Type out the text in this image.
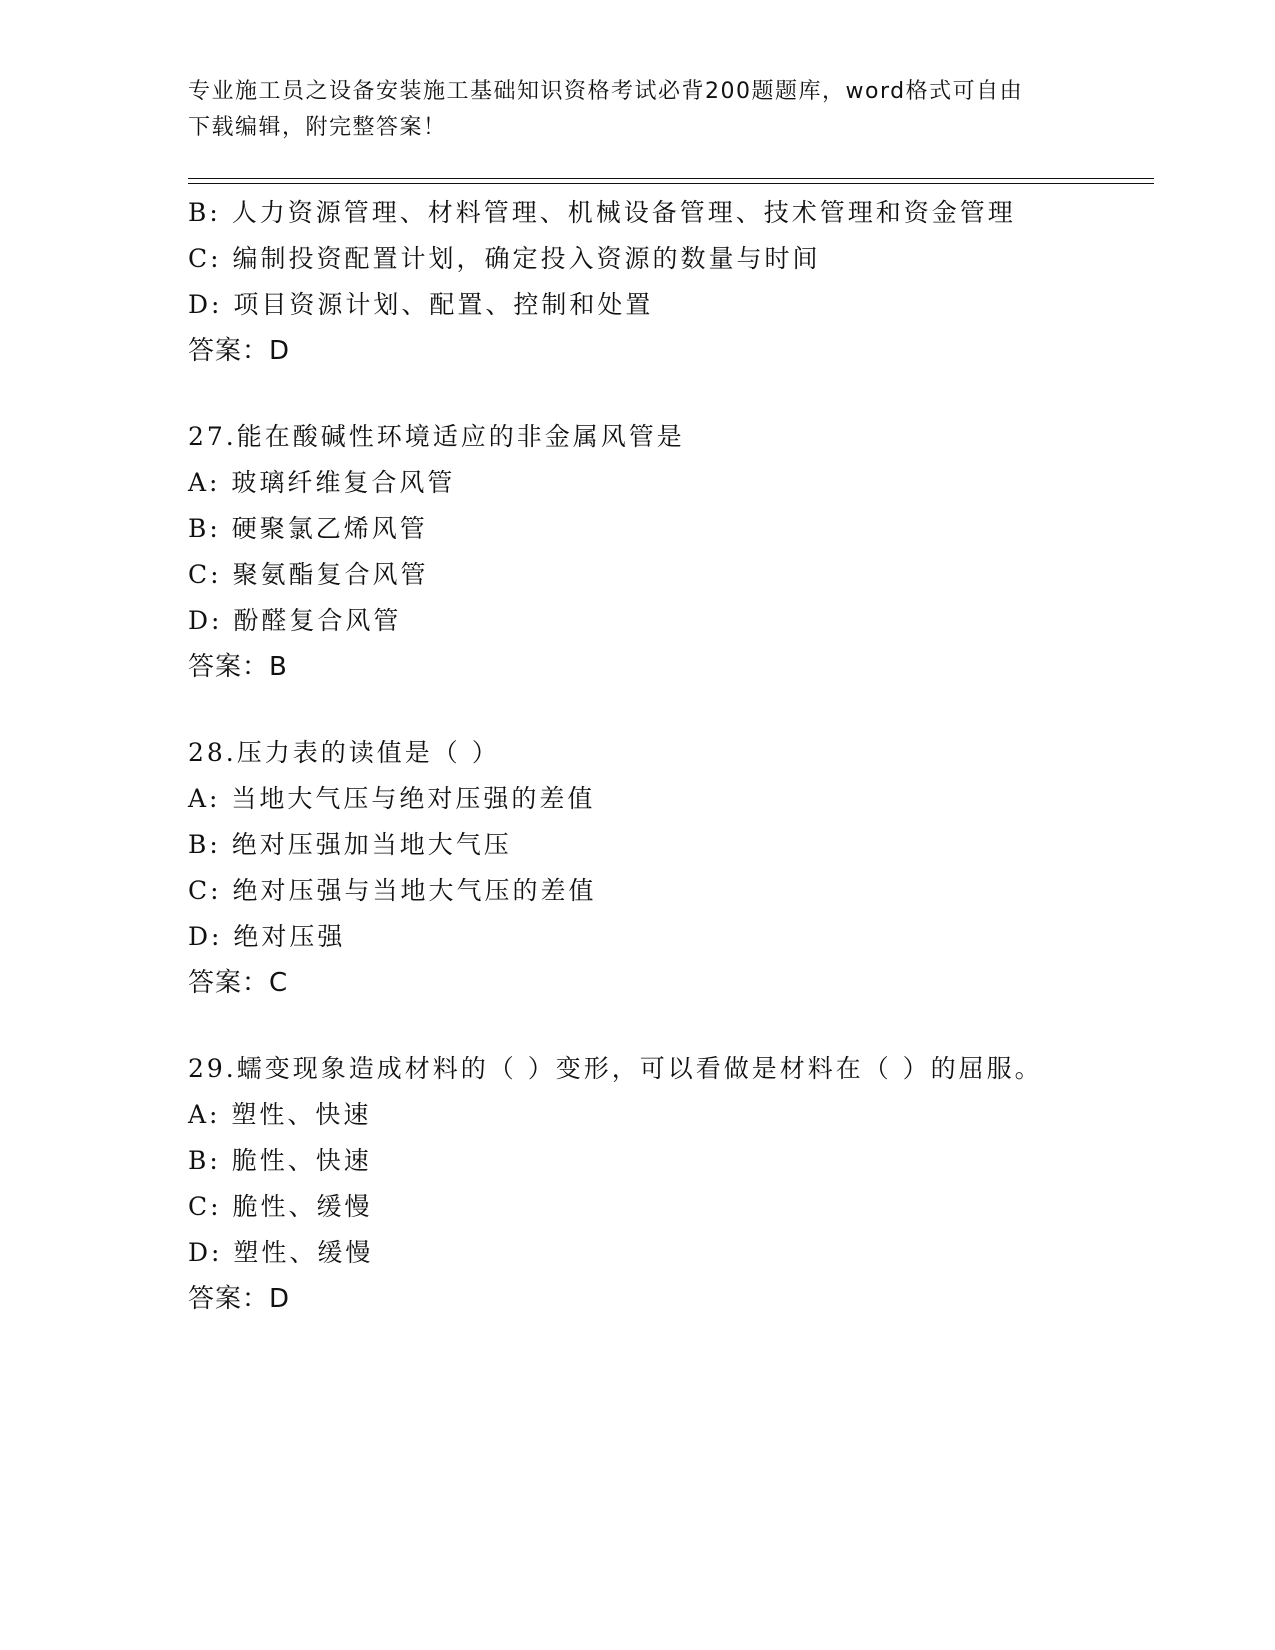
专业施工员之设备安装施工基础知识资格考试必背200题题库，word格式可自由
下载编辑，附完整答案！
B: 人力资源管理、材料管理、机械设备管理、技术管理和资金管理
C: 编制投资配置计划，确定投入资源的数量与时间
D: 项目资源计划、配置、控制和处置
答案：D
27.能在酸碱性环境适应的非金属风管是
A: 玻璃纤维复合风管
B: 硬聚氯乙烯风管
C: 聚氨酯复合风管
D: 酚醛复合风管
答案：B
28.压力表的读值是（ ）
A: 当地大气压与绝对压强的差值
B: 绝对压强加当地大气压
C: 绝对压强与当地大气压的差值
D: 绝对压强
答案：C
29.蠕变现象造成材料的（ ）变形，可以看做是材料在（ ）的屈服。
A: 塑性、快速
B: 脆性、快速
C: 脆性、缓慢
D: 塑性、缓慢
答案：D
